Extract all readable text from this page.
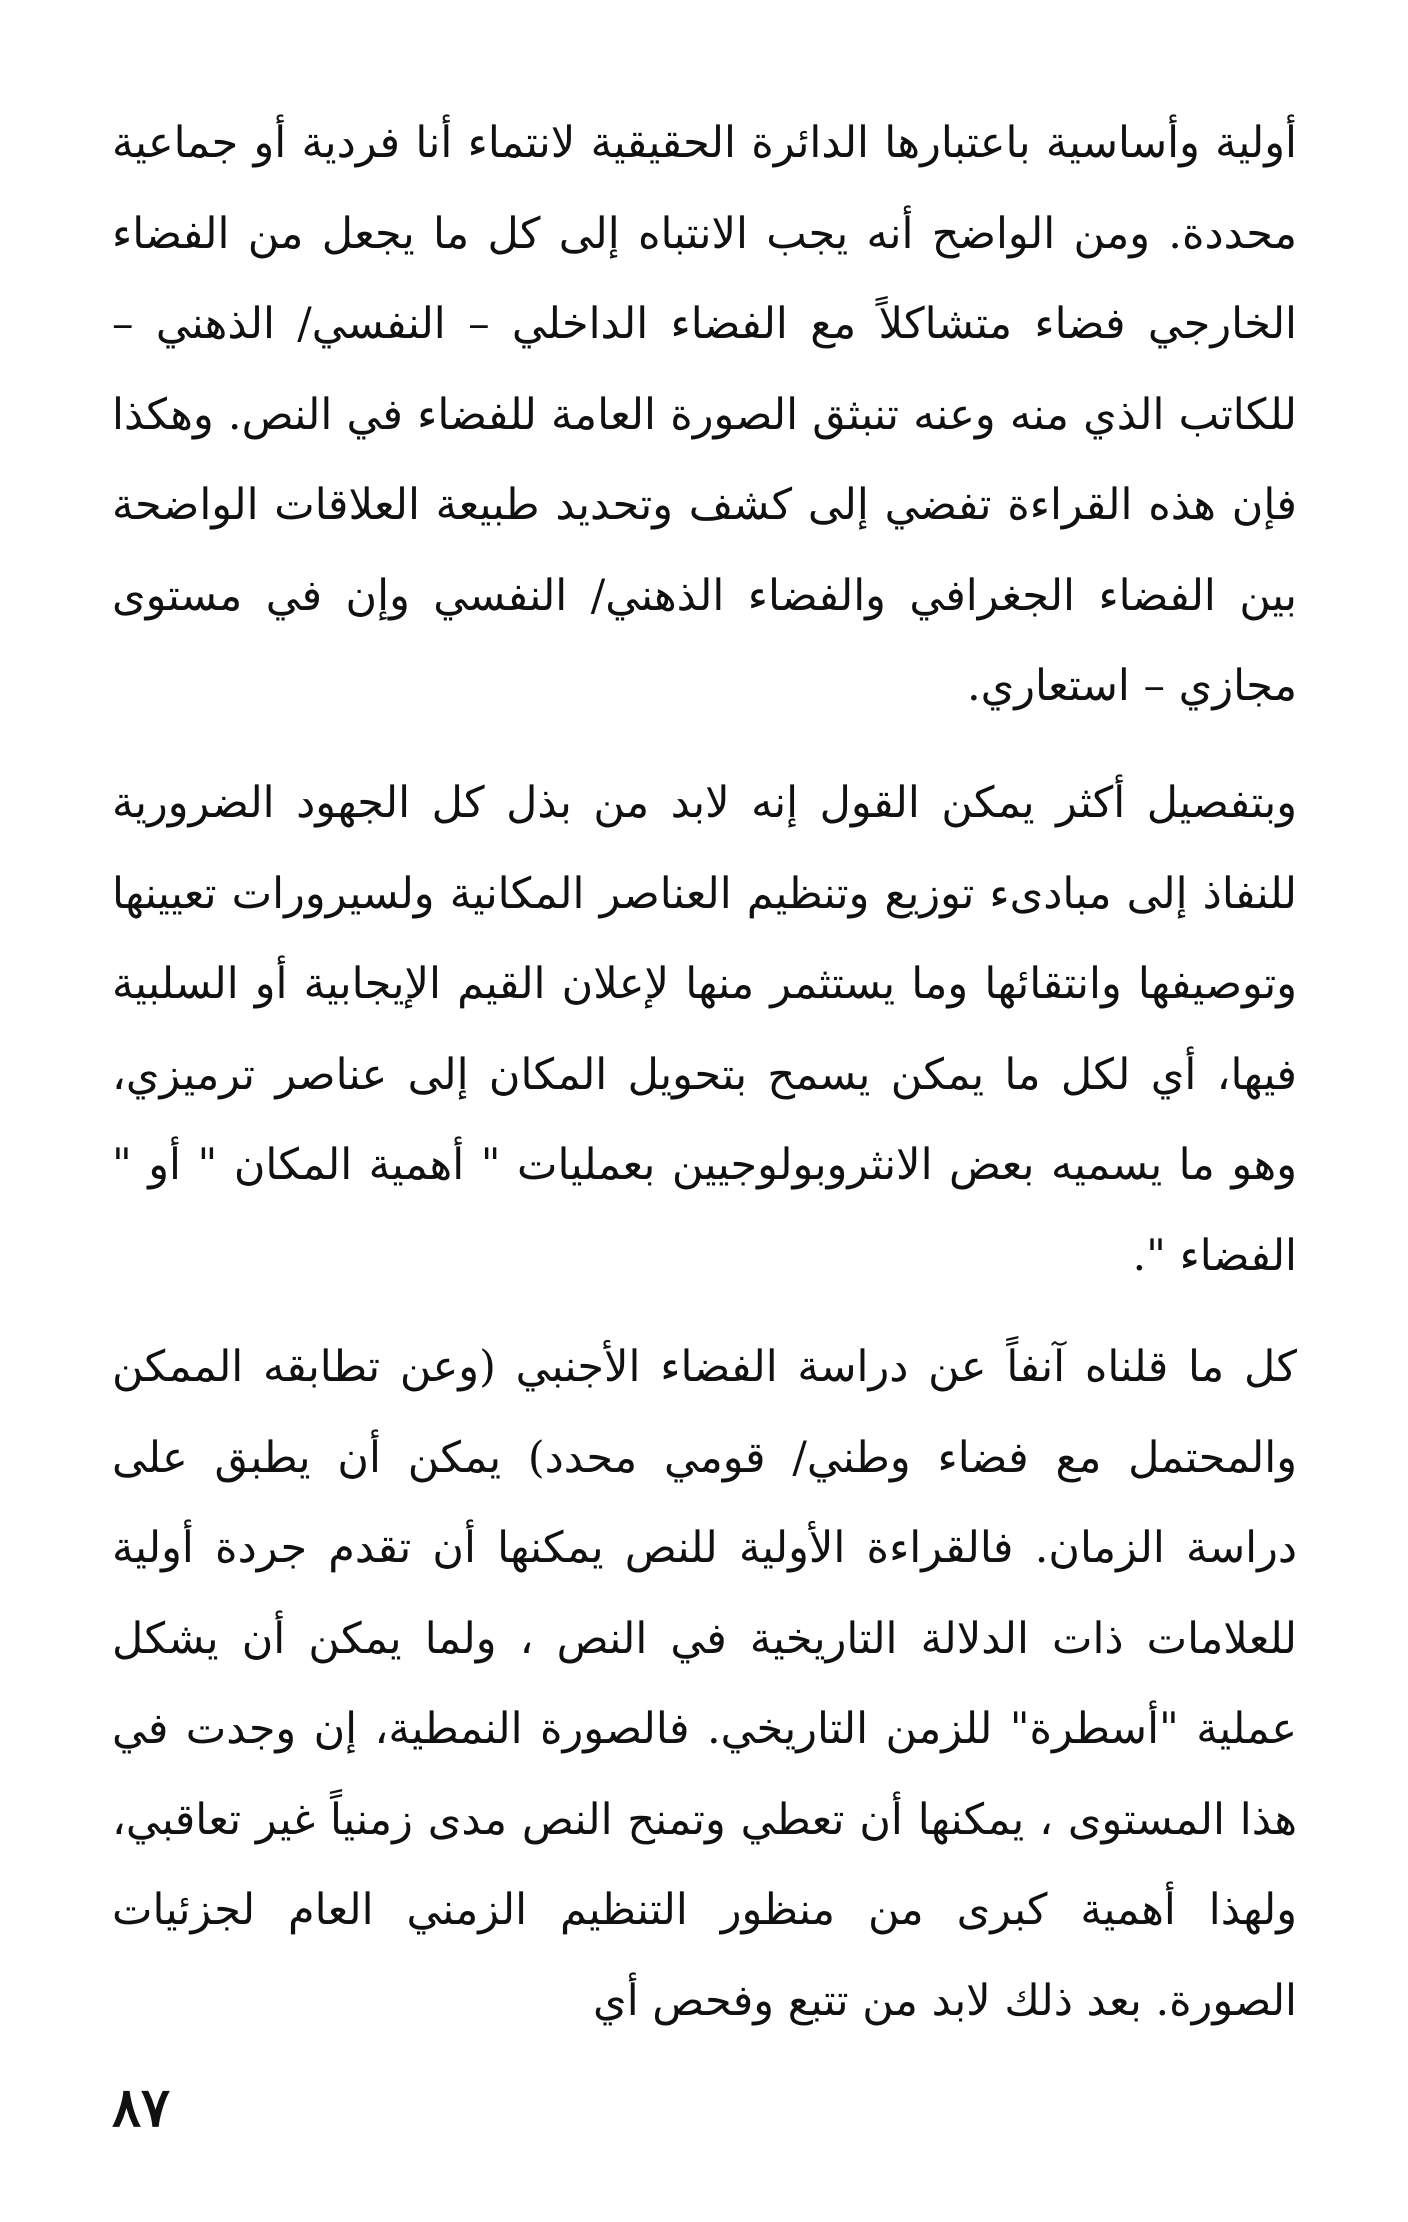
أولية وأساسية باعتبارها الدائرة الحقيقية لانتماء أنا فردية أو جماعية محددة. ومن الواضح أنه يجب الانتباه إلى كل ما يجعل من الفضاء الخارجي فضاء متشاكلاً مع الفضاء الداخلي – النفسي/ الذهني – للكاتب الذي منه وعنه تنبثق الصورة العامة للفضاء في النص. وهكذا فإن هذه القراءة تفضي إلى كشف وتحديد طبيعة العلاقات الواضحة بين الفضاء الجغرافي والفضاء الذهني/ النفسي وإن في مستوى مجازي – استعاري.

وبتفصيل أكثر يمكن القول إنه لابد من بذل كل الجهود الضرورية للنفاذ إلى مبادىء توزيع وتنظيم العناصر المكانية ولسيرورات تعيينها وتوصيفها وانتقائها وما يستثمر منها لإعلان القيم الإيجابية أو السلبية فيها، أي لكل ما يمكن يسمح بتحويل المكان إلى عناصر ترميزي، وهو ما يسميه بعض الانثروبولوجيين بعمليات " أهمية المكان " أو " الفضاء ".

كل ما قلناه آنفاً عن دراسة الفضاء الأجنبي (وعن تطابقه الممكن والمحتمل مع فضاء وطني/ قومي محدد) يمكن أن يطبق على دراسة الزمان. فالقراءة الأولية للنص يمكنها أن تقدم جردة أولية للعلامات ذات الدلالة التاريخية في النص ، ولما يمكن أن يشكل عملية "أسطرة" للزمن التاريخي. فالصورة النمطية، إن وجدت في هذا المستوى ، يمكنها أن تعطي وتمنح النص مدى زمنياً غير تعاقبي، ولهذا أهمية كبرى من منظور التنظيم الزمني العام لجزئيات الصورة. بعد ذلك لابد من تتبع وفحص أي

٨٧
